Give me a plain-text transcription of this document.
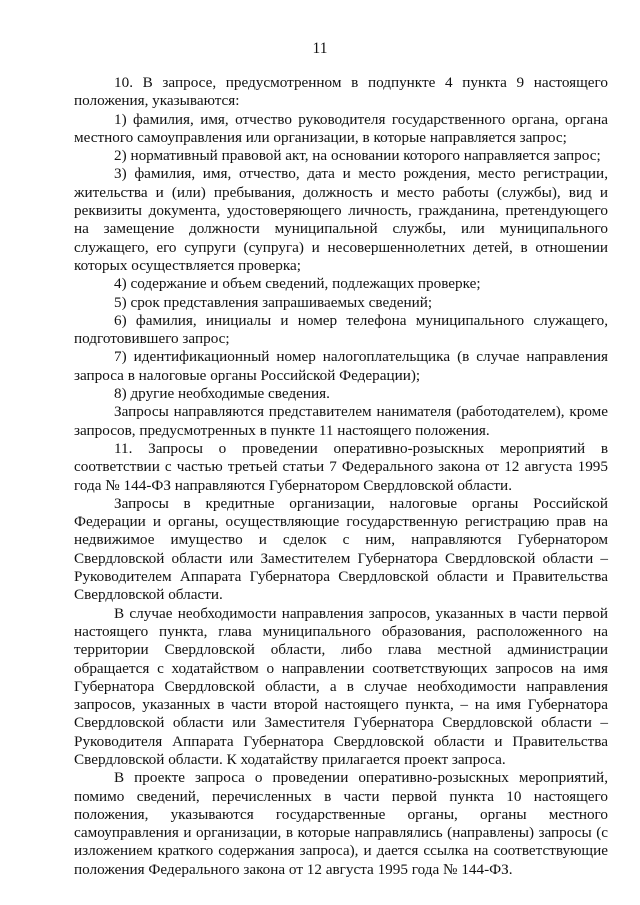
11

10. В запросе, предусмотренном в подпункте 4 пункта 9 настоящего положения, указываются:

1) фамилия, имя, отчество руководителя государственного органа, органа местного самоуправления или организации, в которые направляется запрос;

2) нормативный правовой акт, на основании которого направляется запрос;

3) фамилия, имя, отчество, дата и место рождения, место регистрации, жительства и (или) пребывания, должность и место работы (службы), вид и реквизиты документа, удостоверяющего личность, гражданина, претендующего на замещение должности муниципальной службы, или муниципального служащего, его супруги (супруга) и несовершеннолетних детей, в отношении которых осуществляется проверка;

4) содержание и объем сведений, подлежащих проверке;

5) срок представления запрашиваемых сведений;

6) фамилия, инициалы и номер телефона муниципального служащего, подготовившего запрос;

7) идентификационный номер налогоплательщика (в случае направления запроса в налоговые органы Российской Федерации);

8) другие необходимые сведения.

Запросы направляются представителем нанимателя (работодателем), кроме запросов, предусмотренных в пункте 11 настоящего положения.

11. Запросы о проведении оперативно-розыскных мероприятий в соответствии с частью третьей статьи 7 Федерального закона от 12 августа 1995 года № 144-ФЗ направляются Губернатором Свердловской области.

Запросы в кредитные организации, налоговые органы Российской Федерации и органы, осуществляющие государственную регистрацию прав на недвижимое имущество и сделок с ним, направляются Губернатором Свердловской области или Заместителем Губернатора Свердловской области – Руководителем Аппарата Губернатора Свердловской области и Правительства Свердловской области.

В случае необходимости направления запросов, указанных в части первой настоящего пункта, глава муниципального образования, расположенного на территории Свердловской области, либо глава местной администрации обращается с ходатайством о направлении соответствующих запросов на имя Губернатора Свердловской области, а в случае необходимости направления запросов, указанных в части второй настоящего пункта, – на имя Губернатора Свердловской области или Заместителя Губернатора Свердловской области – Руководителя Аппарата Губернатора Свердловской области и Правительства Свердловской области. К ходатайству прилагается проект запроса.

В проекте запроса о проведении оперативно-розыскных мероприятий, помимо сведений, перечисленных в части первой пункта 10 настоящего положения, указываются государственные органы, органы местного самоуправления и организации, в которые направлялись (направлены) запросы (с изложением краткого содержания запроса), и дается ссылка на соответствующие положения Федерального закона от 12 августа 1995 года № 144-ФЗ.
